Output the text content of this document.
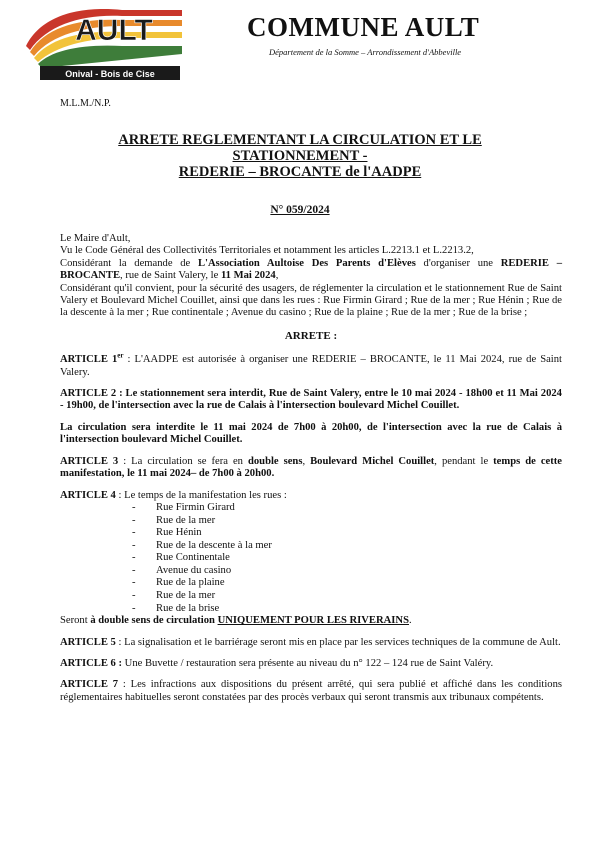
AULT
Onival - Bois de Cise
COMMUNE AULT
Département de la Somme – Arrondissement d'Abbeville
M.L.M./N.P.
ARRETE REGLEMENTANT LA CIRCULATION ET LE
STATIONNEMENT -
REDERIE – BROCANTE de l'AADPE
N° 059/2024

Le Maire d'Ault,

Vu le Code Général des Collectivités Territoriales et notamment les articles L.2213.1 et L.2213.2,

Considérant la demande de L'Association Aultoise Des Parents d'Elèves d'organiser une REDERIE – BROCANTE, rue de Saint Valery, le 11 Mai 2024,

Considérant qu'il convient, pour la sécurité des usagers, de réglementer la circulation et le stationnement Rue de Saint Valery et Boulevard Michel Couillet, ainsi que dans les rues : Rue Firmin Girard ; Rue de la mer ; Rue Hénin ; Rue de la descente à la mer ; Rue continentale ; Avenue du casino ; Rue de la plaine ; Rue de la mer ; Rue de la brise ;

ARRETE :

ARTICLE 1er : L'AADPE est autorisée à organiser une REDERIE – BROCANTE, le 11 Mai 2024, rue de Saint Valery.

ARTICLE 2 : Le stationnement sera interdit, Rue de Saint Valery, entre le 10 mai 2024 - 18h00 et 11 Mai 2024 - 19h00, de l'intersection avec la rue de Calais à l'intersection boulevard Michel Couillet.

La circulation sera interdite le 11 mai 2024 de 7h00 à 20h00, de l'intersection avec la rue de Calais à l'intersection boulevard Michel Couillet.

ARTICLE 3 : La circulation se fera en double sens, Boulevard Michel Couillet, pendant le temps de cette manifestation, le 11 mai 2024– de 7h00 à 20h00.

ARTICLE 4 : Le temps de la manifestation les rues :

- Rue Firmin Girard
- Rue de la mer
- Rue Hénin
- Rue de la descente à la mer
- Rue Continentale
- Avenue du casino
- Rue de la plaine
- Rue de la mer
- Rue de la brise

Seront à double sens de circulation UNIQUEMENT POUR LES RIVERAINS.

ARTICLE 5 : La signalisation et le barriérage seront mis en place par les services techniques de la commune de Ault.

ARTICLE 6 : Une Buvette / restauration sera présente au niveau du n° 122 – 124 rue de Saint Valéry.

ARTICLE 7 : Les infractions aux dispositions du présent arrêté, qui sera publié et affiché dans les conditions réglementaires habituelles seront constatées par des procès verbaux qui seront transmis aux tribunaux compétents.
